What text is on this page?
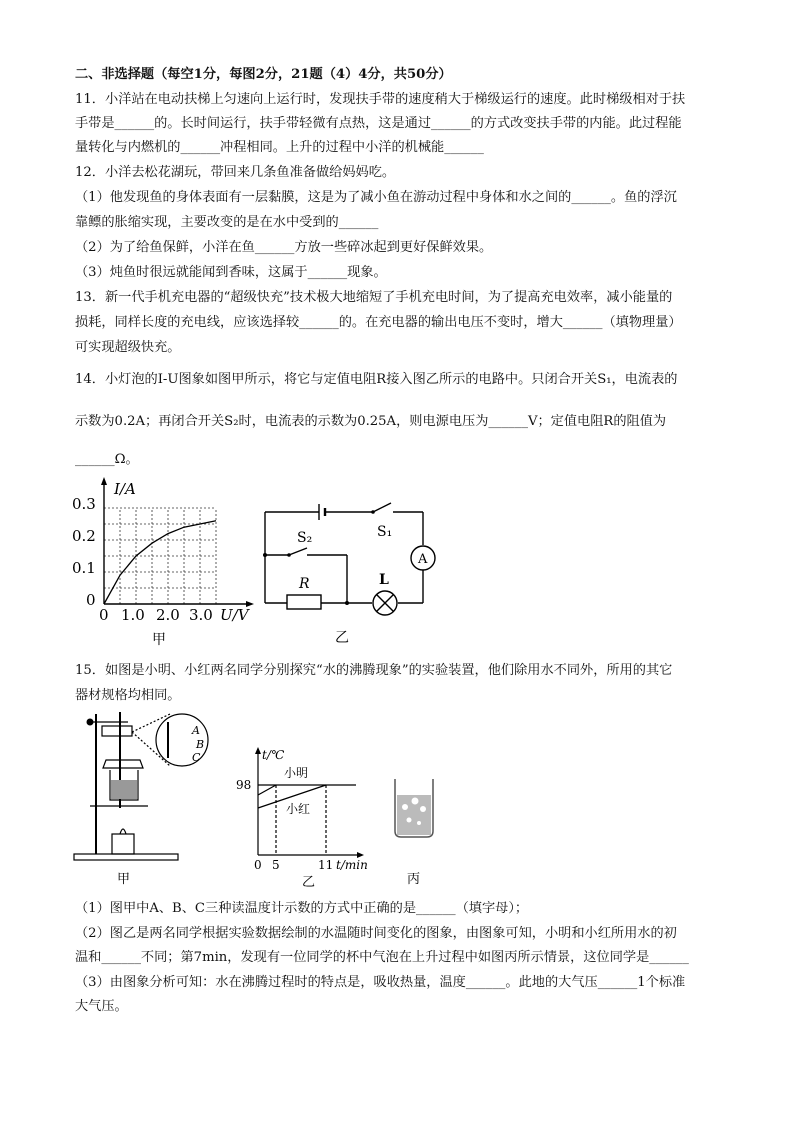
二、非选择题（每空1分，每图2分，21题（4）4分，共50分）
11．小洋站在电动扶梯上匀速向上运行时，发现扶手带的速度稍大于梯级运行的速度。此时梯级相对于扶
手带是______的。长时间运行，扶手带轻微有点热，这是通过______的方式改变扶手带的内能。此过程能
量转化与内燃机的______冲程相同。上升的过程中小洋的机械能______
12．小洋去松花湖玩，带回来几条鱼准备做给妈妈吃。
（1）他发现鱼的身体表面有一层黏膜，这是为了减小鱼在游动过程中身体和水之间的______。鱼的浮沉
靠鳔的胀缩实现，主要改变的是在水中受到的______
（2）为了给鱼保鲜，小洋在鱼______方放一些碎冰起到更好保鲜效果。
（3）炖鱼时很远就能闻到香味，这属于______现象。
13．新一代手机充电器的“超级快充”技术极大地缩短了手机充电时间，为了提高充电效率，减小能量的
损耗，同样长度的充电线，应该选择较______的。在充电器的输出电压不变时，增大______（填物理量）
可实现超级快充。
14．小灯泡的I-U图象如图甲所示，将它与定值电阻R接入图乙所示的电路中。只闭合开关S₁，电流表的
示数为0.2A；再闭合开关S₂时，电流表的示数为0.25A，则电源电压为______V；定值电阻R的阻值为
______Ω。
I/A
0.3
0.2
0.1
0
0 1.0 2.0 3.0 U/V
甲
S₁
S₂
R	L
A
乙
15．如图是小明、小红两名同学分别探究“水的沸腾现象”的实验装置，他们除用水不同外，所用的其它
器材规格均相同。
A
B
C
甲
t/℃
98
小明
小红
0 5	11 t/min
乙	丙
（1）图甲中A、B、C三种读温度计示数的方式中正确的是______（填字母）；
（2）图乙是两名同学根据实验数据绘制的水温随时间变化的图象，由图象可知，小明和小红所用水的初
温和______不同；第7min，发现有一位同学的杯中气泡在上升过程中如图丙所示情景，这位同学是______
（3）由图象分析可知：水在沸腾过程时的特点是，吸收热量，温度______。此地的大气压______1个标准
大气压。
